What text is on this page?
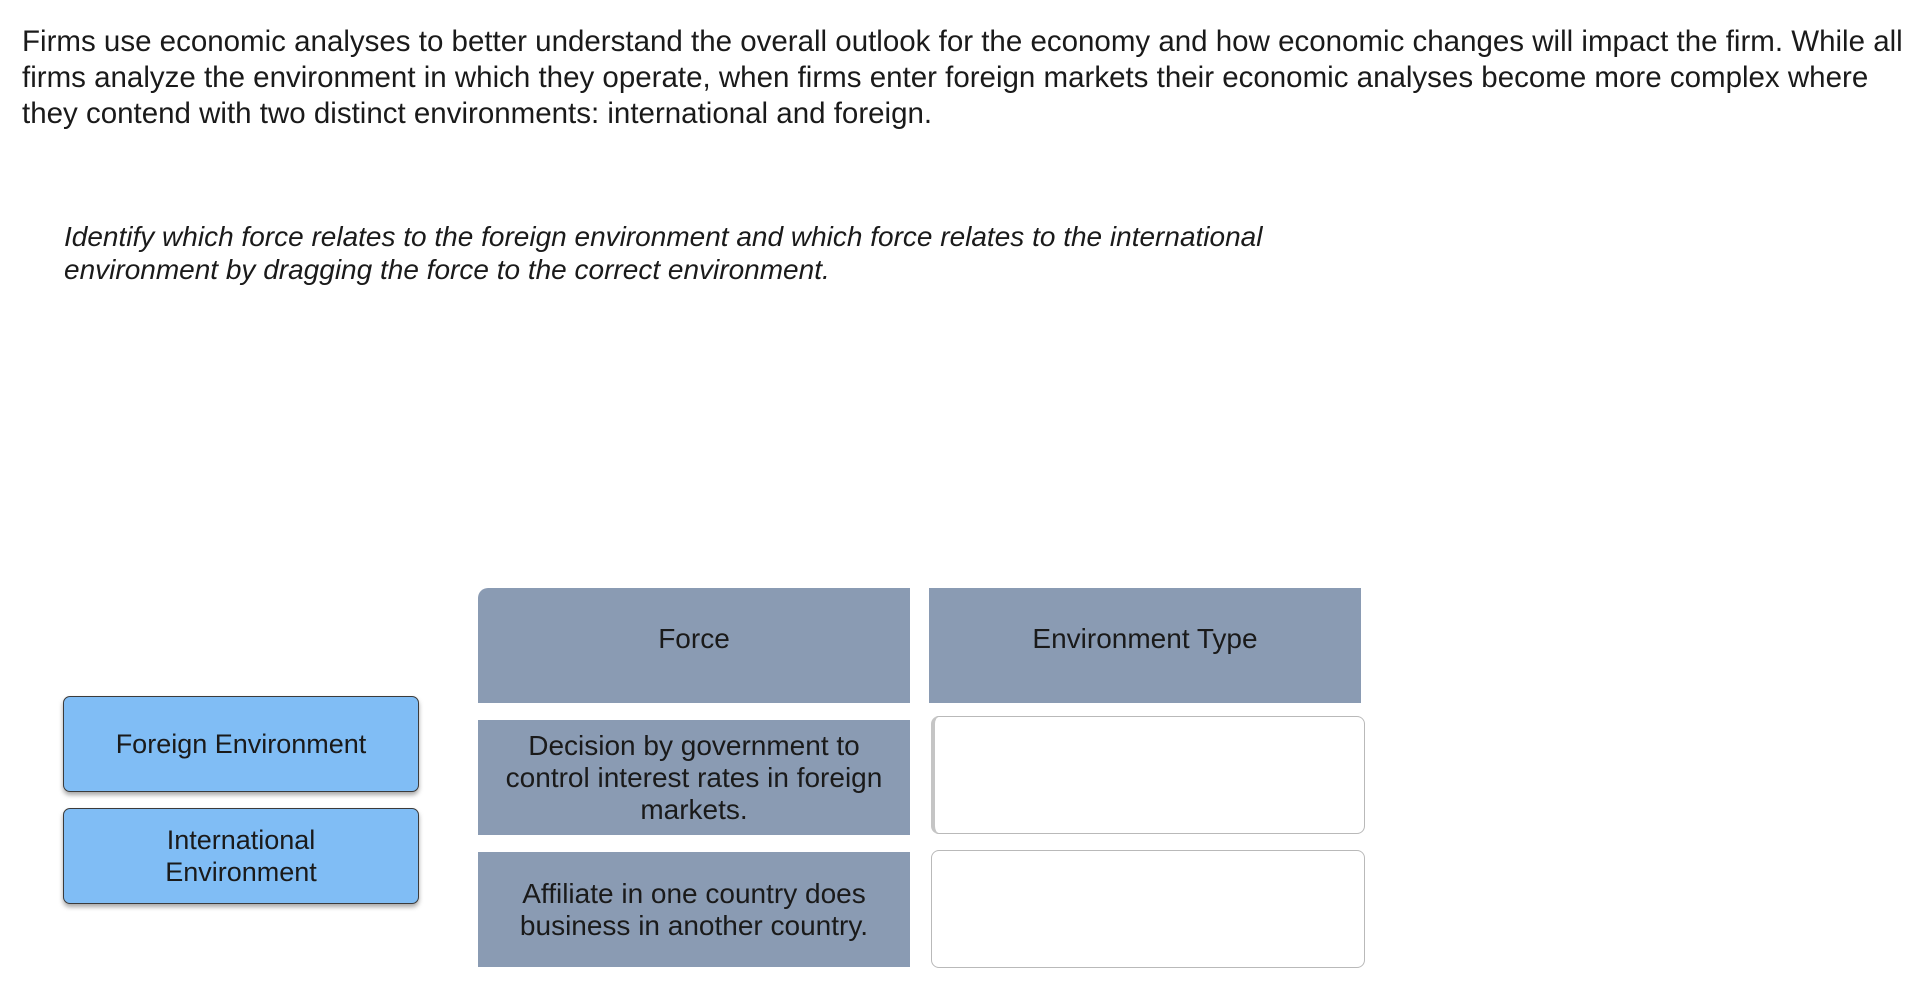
Firms use economic analyses to better understand the overall outlook for the economy and how economic changes will impact the firm. While all firms analyze the environment in which they operate, when firms enter foreign markets their economic analyses become more complex where they contend with two distinct environments: international and foreign.

Identify which force relates to the foreign environment and which force relates to the international environment by dragging the force to the correct environment.

Foreign Environment
International Environment
Force	Environment Type
Decision by government to control interest rates in foreign markets.
Affiliate in one country does business in another country.
